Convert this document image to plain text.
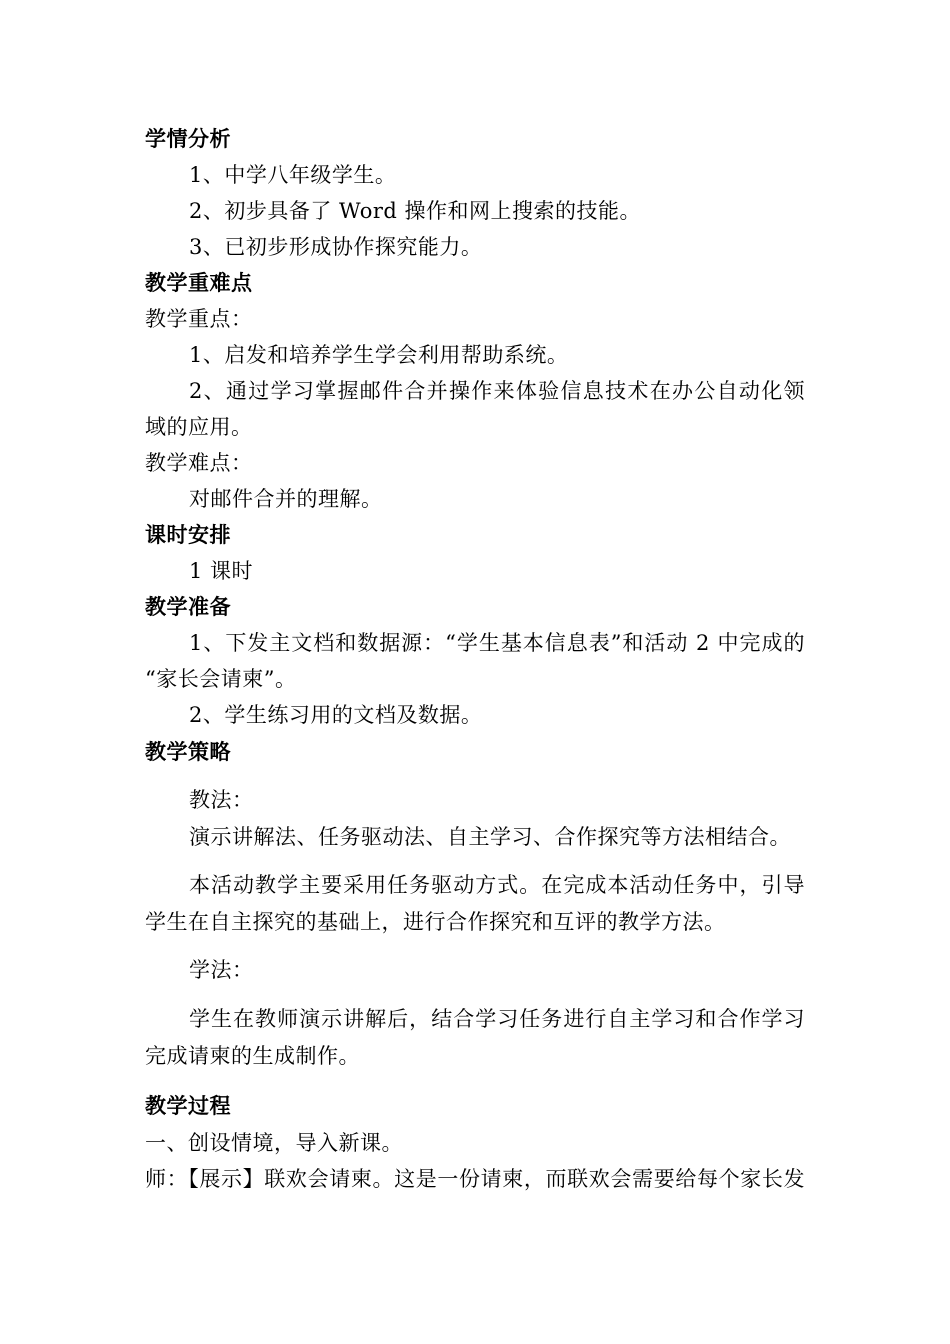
学情分析
1、中学八年级学生。
2、初步具备了 Word 操作和网上搜索的技能。
3、已初步形成协作探究能力。
教学重难点
教学重点：
1、启发和培养学生学会利用帮助系统。
2、通过学习掌握邮件合并操作来体验信息技术在办公自动化领
域的应用。
教学难点：
对邮件合并的理解。
课时安排
1 课时
教学准备
1、下发主文档和数据源：“学生基本信息表”和活动 2 中完成的
“家长会请柬”。
2、学生练习用的文档及数据。
教学策略
教法：
演示讲解法、任务驱动法、自主学习、合作探究等方法相结合。
本活动教学主要采用任务驱动方式。在完成本活动任务中，引导
学生在自主探究的基础上，进行合作探究和互评的教学方法。
学法：
学生在教师演示讲解后，结合学习任务进行自主学习和合作学习
完成请柬的生成制作。
教学过程
一、创设情境，导入新课。
师：【展示】联欢会请柬。这是一份请柬，而联欢会需要给每个家长发
